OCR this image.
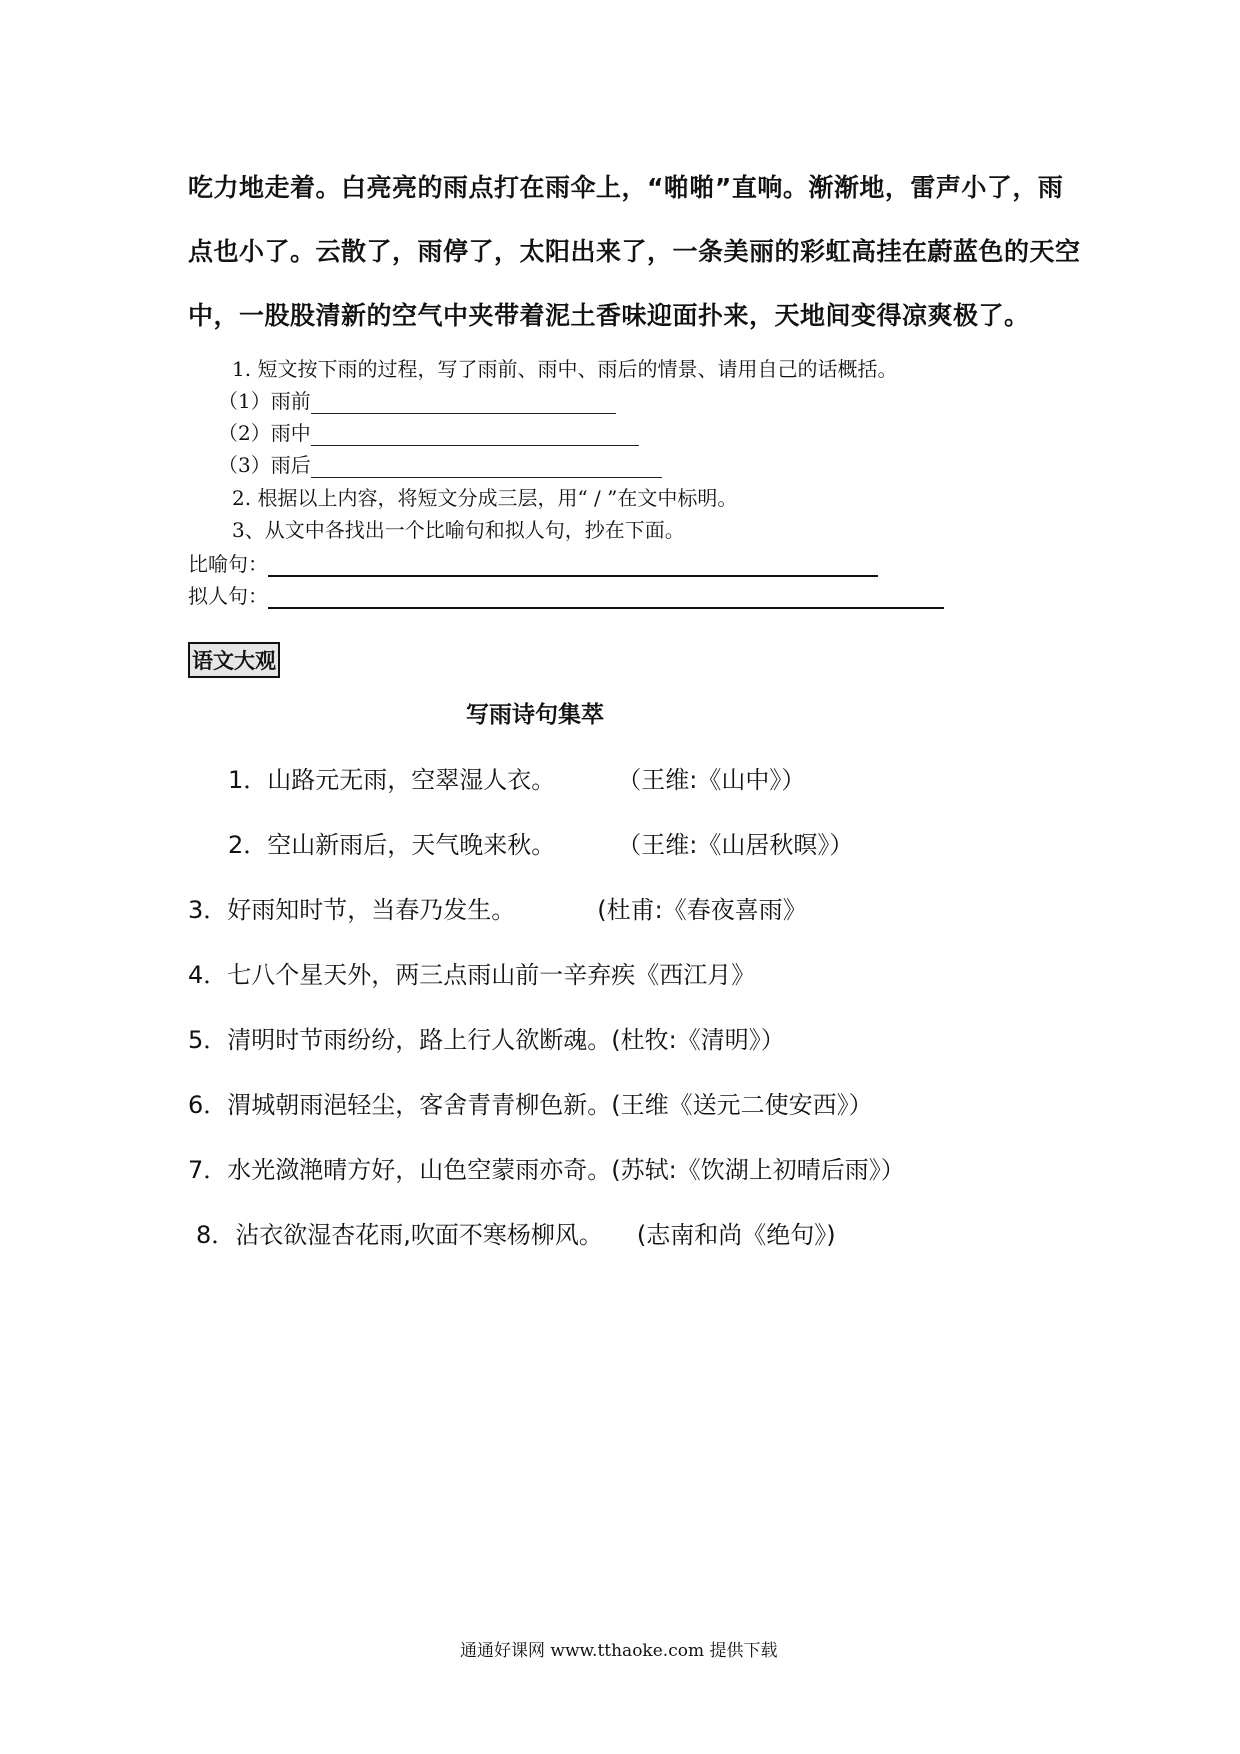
吃力地走着。白亮亮的雨点打在雨伞上，“啪啪”直响。渐渐地，雷声小了，雨
点也小了。云散了，雨停了，太阳出来了，一条美丽的彩虹高挂在蔚蓝色的天空
中，一股股清新的空气中夹带着泥土香味迎面扑来，天地间变得凉爽极了。
1. 短文按下雨的过程，写了雨前、雨中、雨后的情景、请用自己的话概括。
（1）雨前
（2）雨中
（3）雨后
2. 根据以上内容，将短文分成三层，用“ / ”在文中标明。
3、从文中各找出一个比喻句和拟人句，抄在下面。
比喻句：
拟人句：
语文大观
写雨诗句集萃
1．山路元无雨，空翠湿人衣。	（王维:《山中》）
2．空山新雨后，天气晚来秋。	（王维:《山居秋暝》）
3．好雨知时节，当春乃发生。	(杜甫:《春夜喜雨》
4．七八个星天外，两三点雨山前一辛弃疾《西江月》
5．清明时节雨纷纷，路上行人欲断魂。(杜牧:《清明》）
6．渭城朝雨浥轻尘，客舍青青柳色新。(王维《送元二使安西》）
7．水光潋滟晴方好，山色空蒙雨亦奇。(苏轼:《饮湖上初晴后雨》）
8．沾衣欲湿杏花雨,吹面不寒杨柳风。 (志南和尚《绝句》)
通通好课网 www.tthaoke.com 提供下载
